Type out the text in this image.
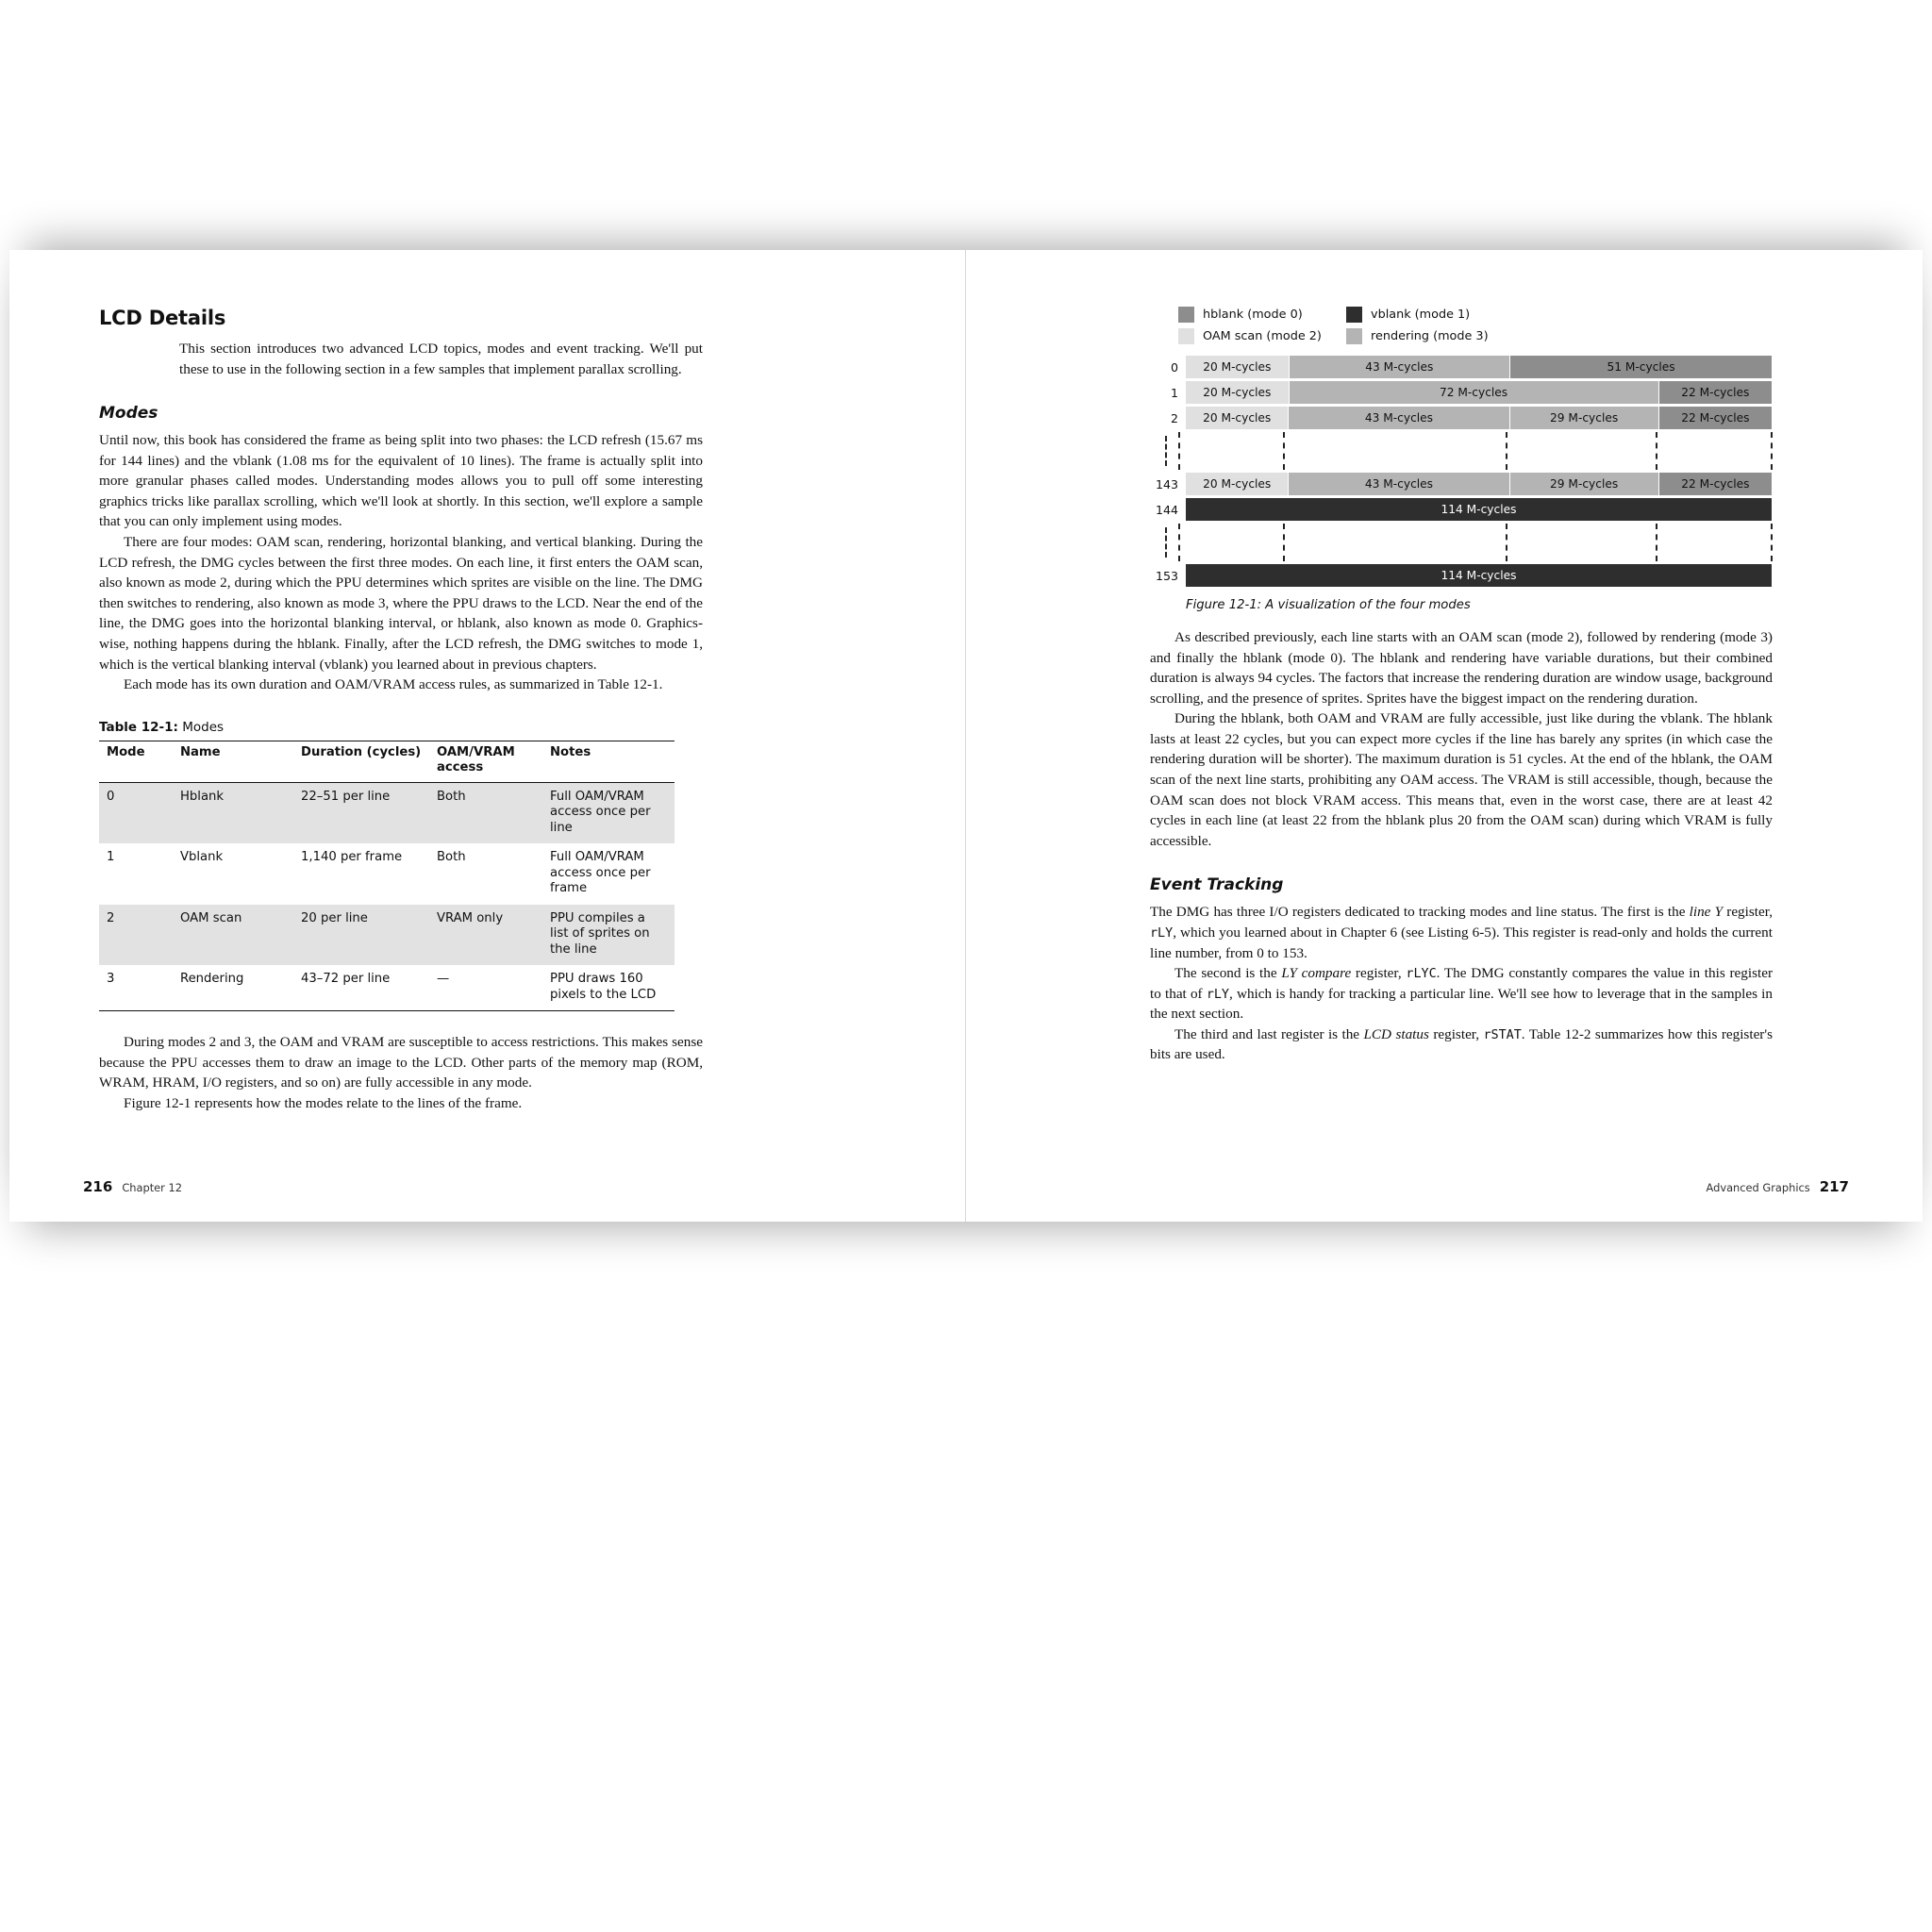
LCD Details

This section introduces two advanced LCD topics, modes and event tracking. We'll put these to use in the following section in a few samples that implement parallax scrolling.

Modes

Until now, this book has considered the frame as being split into two phases: the LCD refresh (15.67 ms for 144 lines) and the vblank (1.08 ms for the equivalent of 10 lines). The frame is actually split into more granular phases called modes. Understanding modes allows you to pull off some interesting graphics tricks like parallax scrolling, which we'll look at shortly. In this section, we'll explore a sample that you can only implement using modes.

There are four modes: OAM scan, rendering, horizontal blanking, and vertical blanking. During the LCD refresh, the DMG cycles between the first three modes. On each line, it first enters the OAM scan, also known as mode 2, during which the PPU determines which sprites are visible on the line. The DMG then switches to rendering, also known as mode 3, where the PPU draws to the LCD. Near the end of the line, the DMG goes into the horizontal blanking interval, or hblank, also known as mode 0. Graphics-wise, nothing happens during the hblank. Finally, after the LCD refresh, the DMG switches to mode 1, which is the vertical blanking interval (vblank) you learned about in previous chapters.

Each mode has its own duration and OAM/VRAM access rules, as summarized in Table 12-1.

Table 12-1: Modes
Mode	Name	Duration (cycles)	OAM/VRAM access	Notes
0	Hblank	22–51 per line	Both	Full OAM/VRAM access once per line
1	Vblank	1,140 per frame	Both	Full OAM/VRAM access once per frame
2	OAM scan	20 per line	VRAM only	PPU compiles a list of sprites on the line
3	Rendering	43–72 per line	—	PPU draws 160 pixels to the LCD

During modes 2 and 3, the OAM and VRAM are susceptible to access restrictions. This makes sense because the PPU accesses them to draw an image to the LCD. Other parts of the memory map (ROM, WRAM, HRAM, I/O registers, and so on) are fully accessible in any mode.

Figure 12-1 represents how the modes relate to the lines of the frame.

216 Chapter 12
hblank (mode 0)	vblank (mode 1)
OAM scan (mode 2)	rendering (mode 3)
0	20 M-cycles	43 M-cycles	51 M-cycles
1	20 M-cycles	72 M-cycles	22 M-cycles
2	20 M-cycles	43 M-cycles	29 M-cycles	22 M-cycles
143	20 M-cycles	43 M-cycles	29 M-cycles	22 M-cycles
144	114 M-cycles
153	114 M-cycles
Figure 12-1: A visualization of the four modes

As described previously, each line starts with an OAM scan (mode 2), followed by rendering (mode 3) and finally the hblank (mode 0). The hblank and rendering have variable durations, but their combined duration is always 94 cycles. The factors that increase the rendering duration are window usage, background scrolling, and the presence of sprites. Sprites have the biggest impact on the rendering duration.

During the hblank, both OAM and VRAM are fully accessible, just like during the vblank. The hblank lasts at least 22 cycles, but you can expect more cycles if the line has barely any sprites (in which case the rendering duration will be shorter). The maximum duration is 51 cycles. At the end of the hblank, the OAM scan of the next line starts, prohibiting any OAM access. The VRAM is still accessible, though, because the OAM scan does not block VRAM access. This means that, even in the worst case, there are at least 42 cycles in each line (at least 22 from the hblank plus 20 from the OAM scan) during which VRAM is fully accessible.

Event Tracking

The DMG has three I/O registers dedicated to tracking modes and line status. The first is the line Y register, rLY, which you learned about in Chapter 6 (see Listing 6-5). This register is read-only and holds the current line number, from 0 to 153.

The second is the LY compare register, rLYC. The DMG constantly compares the value in this register to that of rLY, which is handy for tracking a particular line. We'll see how to leverage that in the samples in the next section.

The third and last register is the LCD status register, rSTAT. Table 12-2 summarizes how this register's bits are used.

Advanced Graphics 217
